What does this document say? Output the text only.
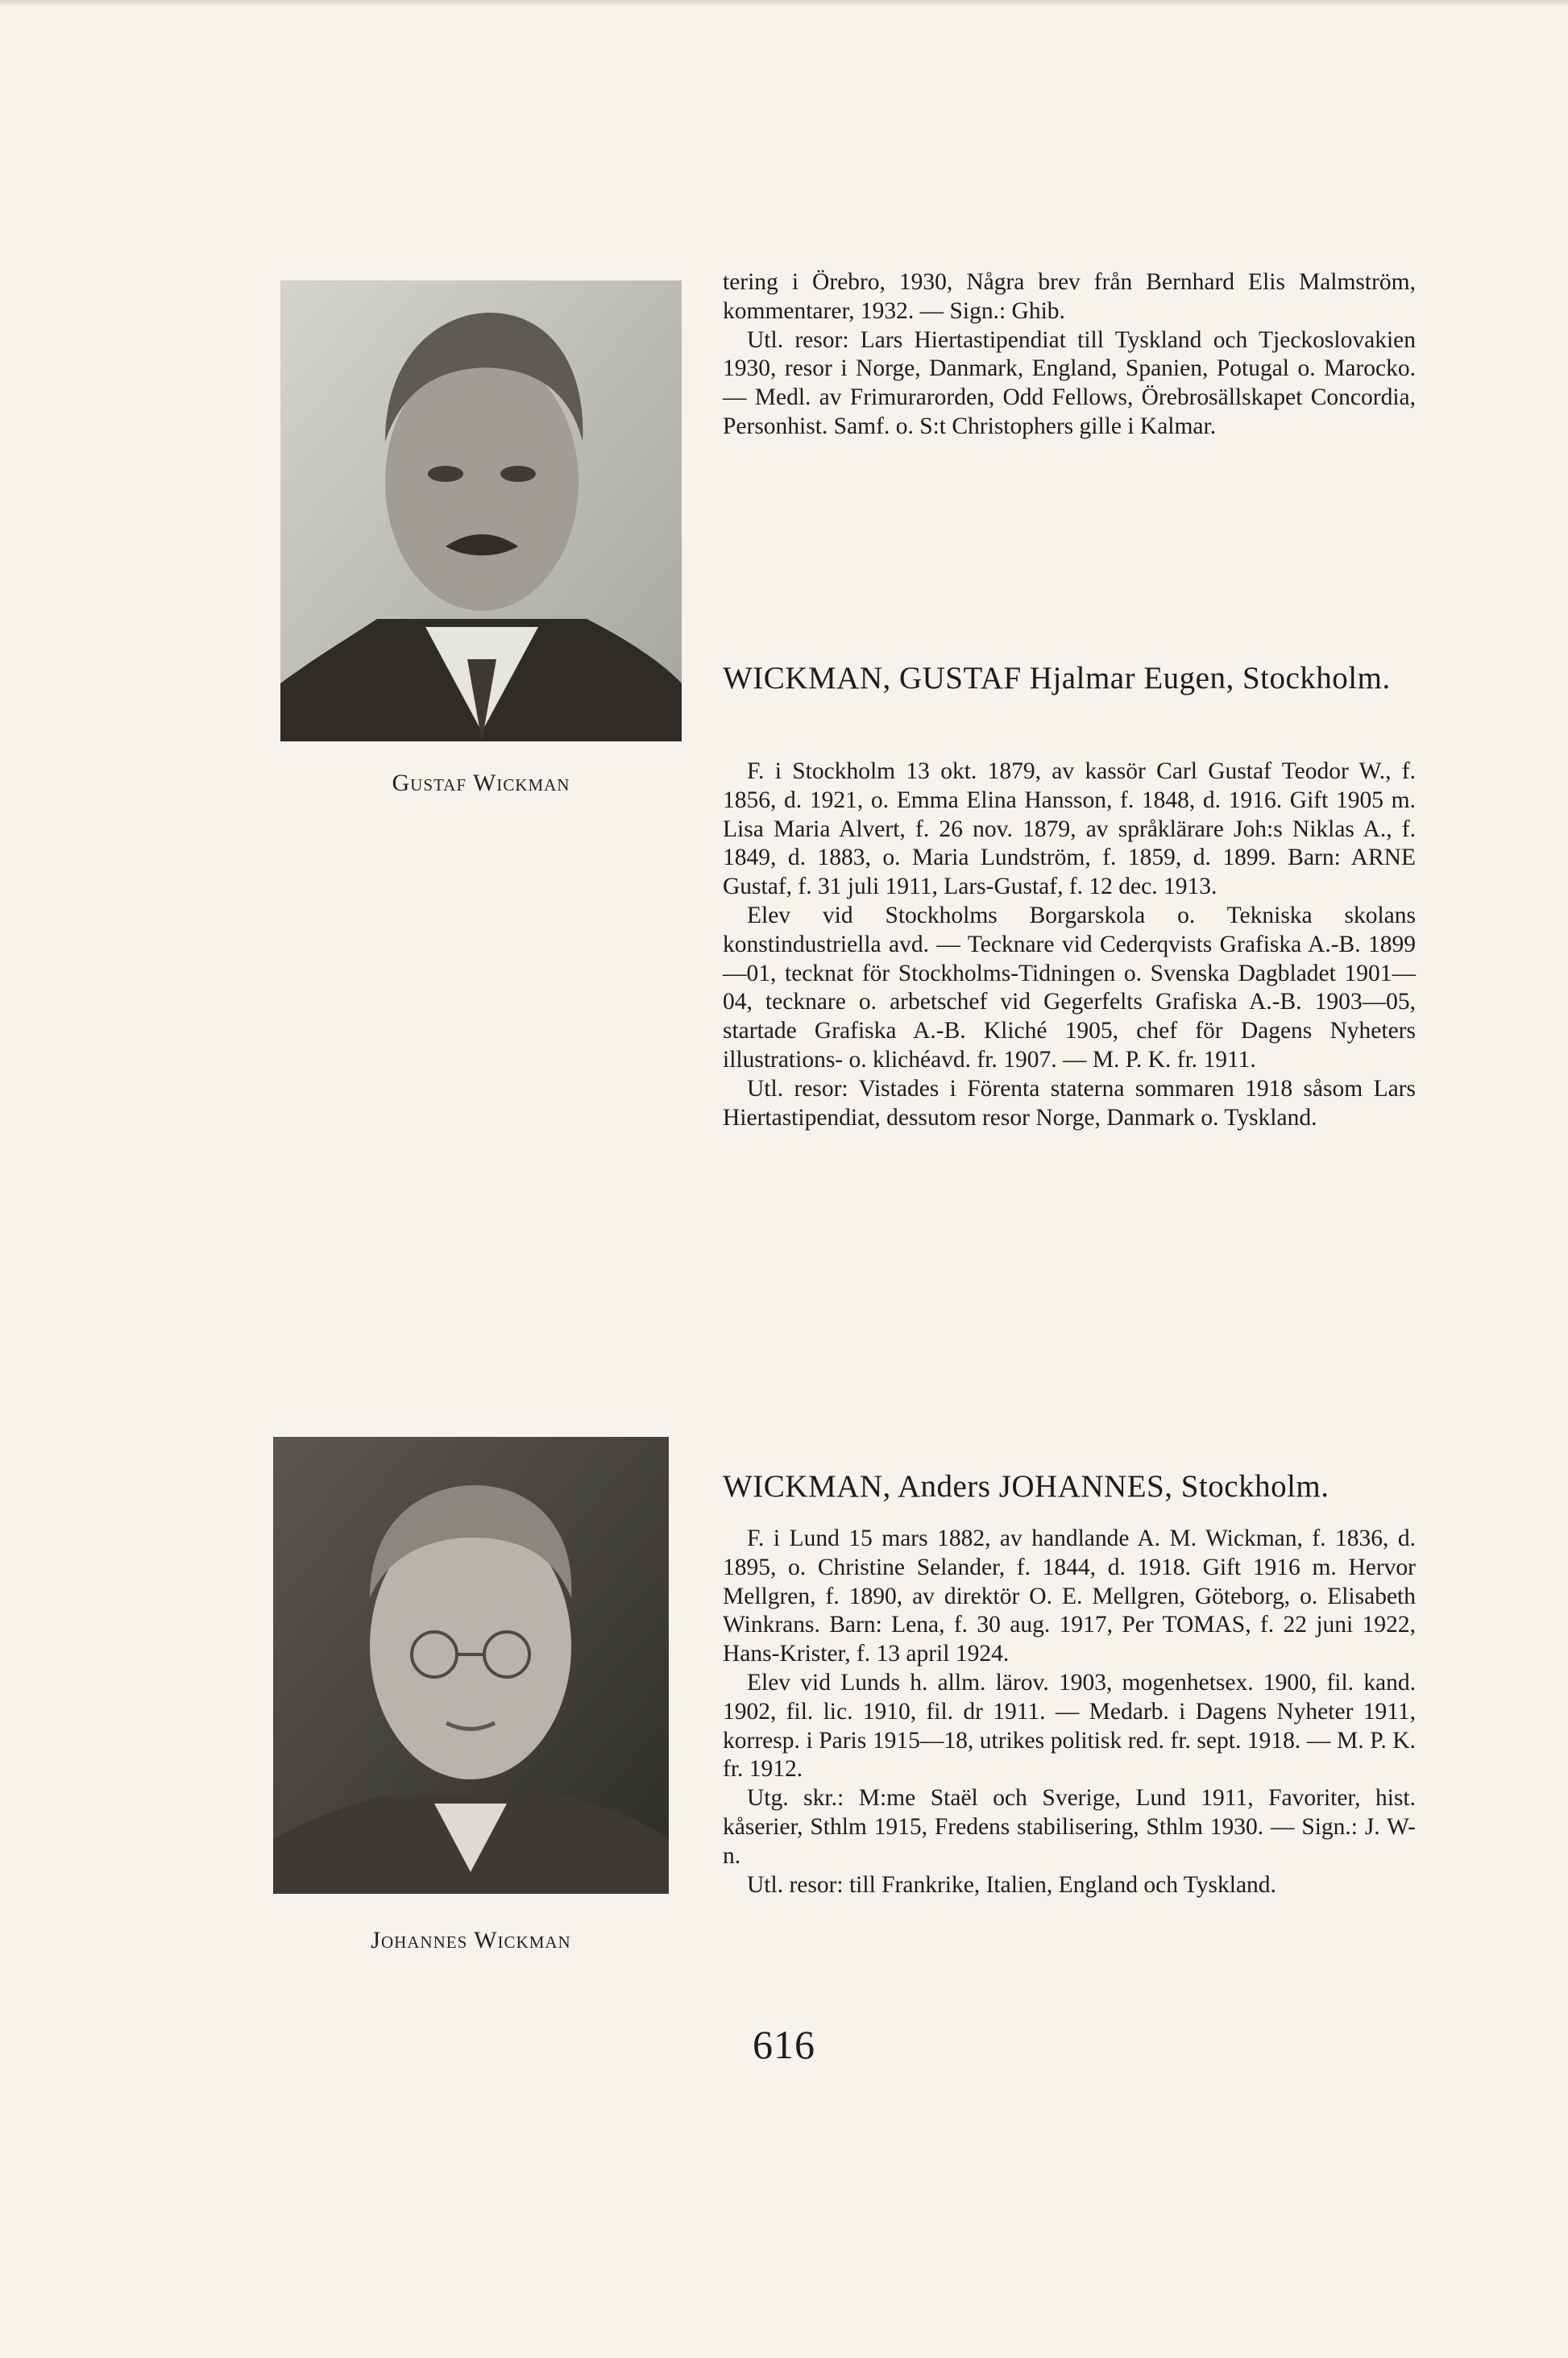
Gustaf Wickman

tering i Örebro, 1930, Några brev från Bernhard Elis Malmström, kommentarer, 1932. — Sign.: Ghib.

Utl. resor: Lars Hiertastipendiat till Tyskland och Tjeckoslovakien 1930, resor i Norge, Danmark, England, Spanien, Potugal o. Marocko. — Medl. av Frimurarorden, Odd Fellows, Örebrosällskapet Concordia, Personhist. Samf. o. S:t Christophers gille i Kalmar.

WICKMAN, GUSTAF Hjalmar Eugen, Stockholm.

F. i Stockholm 13 okt. 1879, av kassör Carl Gustaf Teodor W., f. 1856, d. 1921, o. Emma Elina Hansson, f. 1848, d. 1916. Gift 1905 m. Lisa Maria Alvert, f. 26 nov. 1879, av språklärare Joh:s Niklas A., f. 1849, d. 1883, o. Maria Lundström, f. 1859, d. 1899. Barn: ARNE Gustaf, f. 31 juli 1911, Lars-Gustaf, f. 12 dec. 1913.

Elev vid Stockholms Borgarskola o. Tekniska skolans konstindustriella avd. — Tecknare vid Cederqvists Grafiska A.-B. 1899—01, tecknat för Stockholms-Tidningen o. Svenska Dagbladet 1901—04, tecknare o. arbetschef vid Gegerfelts Grafiska A.-B. 1903—05, startade Grafiska A.-B. Kliché 1905, chef för Dagens Nyheters illustrations- o. klichéavd. fr. 1907. — M. P. K. fr. 1911.

Utl. resor: Vistades i Förenta staterna sommaren 1918 såsom Lars Hiertastipendiat, dessutom resor Norge, Danmark o. Tyskland.

Johannes Wickman
WICKMAN, Anders JOHANNES, Stockholm.

F. i Lund 15 mars 1882, av handlande A. M. Wickman, f. 1836, d. 1895, o. Christine Selander, f. 1844, d. 1918. Gift 1916 m. Hervor Mellgren, f. 1890, av direktör O. E. Mellgren, Göteborg, o. Elisabeth Winkrans. Barn: Lena, f. 30 aug. 1917, Per TOMAS, f. 22 juni 1922, Hans-Krister, f. 13 april 1924.

Elev vid Lunds h. allm. lärov. 1903, mogenhetsex. 1900, fil. kand. 1902, fil. lic. 1910, fil. dr 1911. — Medarb. i Dagens Nyheter 1911, korresp. i Paris 1915—18, utrikes politisk red. fr. sept. 1918. — M. P. K. fr. 1912.

Utg. skr.: M:me Staël och Sverige, Lund 1911, Favoriter, hist. kåserier, Sthlm 1915, Fredens stabilisering, Sthlm 1930. — Sign.: J. W-n.

Utl. resor: till Frankrike, Italien, England och Tyskland.

616
